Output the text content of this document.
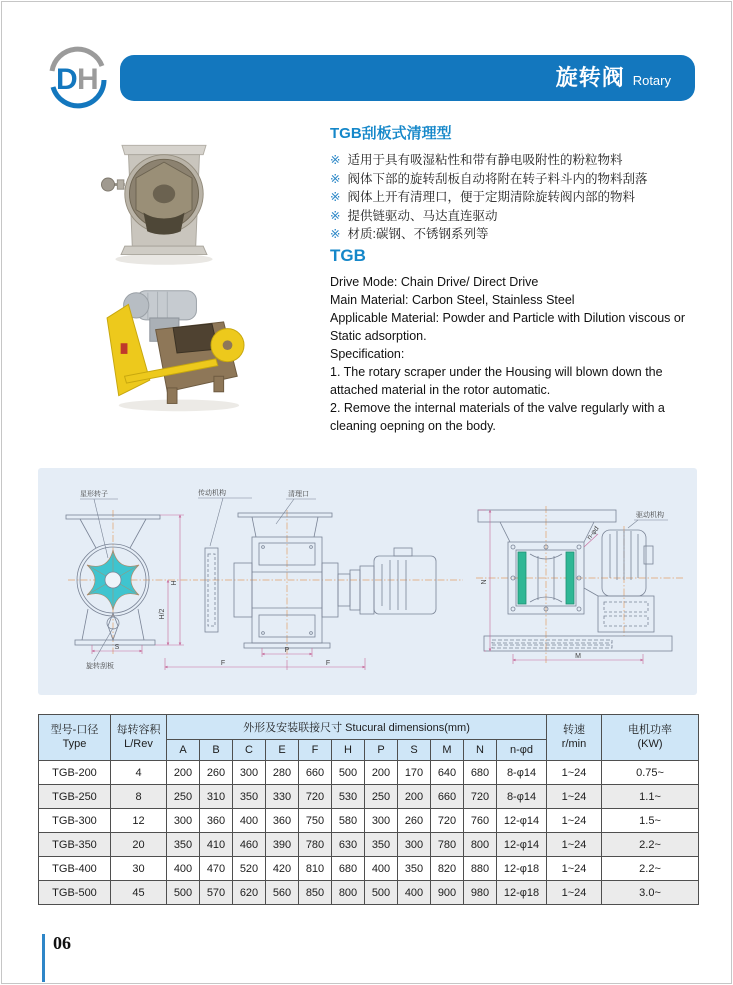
D H	旋转阀 Rotary
TGB刮板式清理型
※ 适用于具有吸湿粘性和带有静电吸附性的粉粒物料
※ 阀体下部的旋转刮板自动将附在转子料斗内的物料刮落
※ 阀体上开有清理口，便于定期清除旋转阀内部的物料
※ 提供链驱动、马达直连驱动
※ 材质:碳钢、不锈钢系列等
TGB
Drive Mode: Chain Drive/ Direct Drive
Main Material: Carbon Steel, Stainless Steel
Applicable Material: Powder and Particle with Dilution viscous or Static adsorption.
Specification:
1. The rotary scraper under the Housing will blown down the attached material in the rotor automatic.
2. Remove the internal materials of the valve regularly with a cleaning oepning on the body.
星形转子
旋转刮板
传动机构	清理口
驱动机构
H
H/2
S	P
F	F
N
M
n-φd
型号-口径
Type

每转容积
L/Rev
	外形及安装联接尺寸 Stucural dimensions(mm)	转速
r/min

电机功率
(KW)

		A	B	C	E	F	H	P	S	M	N	n-φd		
TGB-200	4	200	260	300	280	660	500	200	170	640	680	8-φ14	1~24	0.75~
TGB-250	8	250	310	350	330	720	530	250	200	660	720	8-φ14	1~24	1.1~
TGB-300	12	300	360	400	360	750	580	300	260	720	760	12-φ14	1~24	1.5~
TGB-350	20	350	410	460	390	780	630	350	300	780	800	12-φ14	1~24	2.2~
TGB-400	30	400	470	520	420	810	680	400	350	820	880	12-φ18	1~24	2.2~
TGB-500	45	500	570	620	560	850	800	500	400	900	980	12-φ18	1~24	3.0~
06
